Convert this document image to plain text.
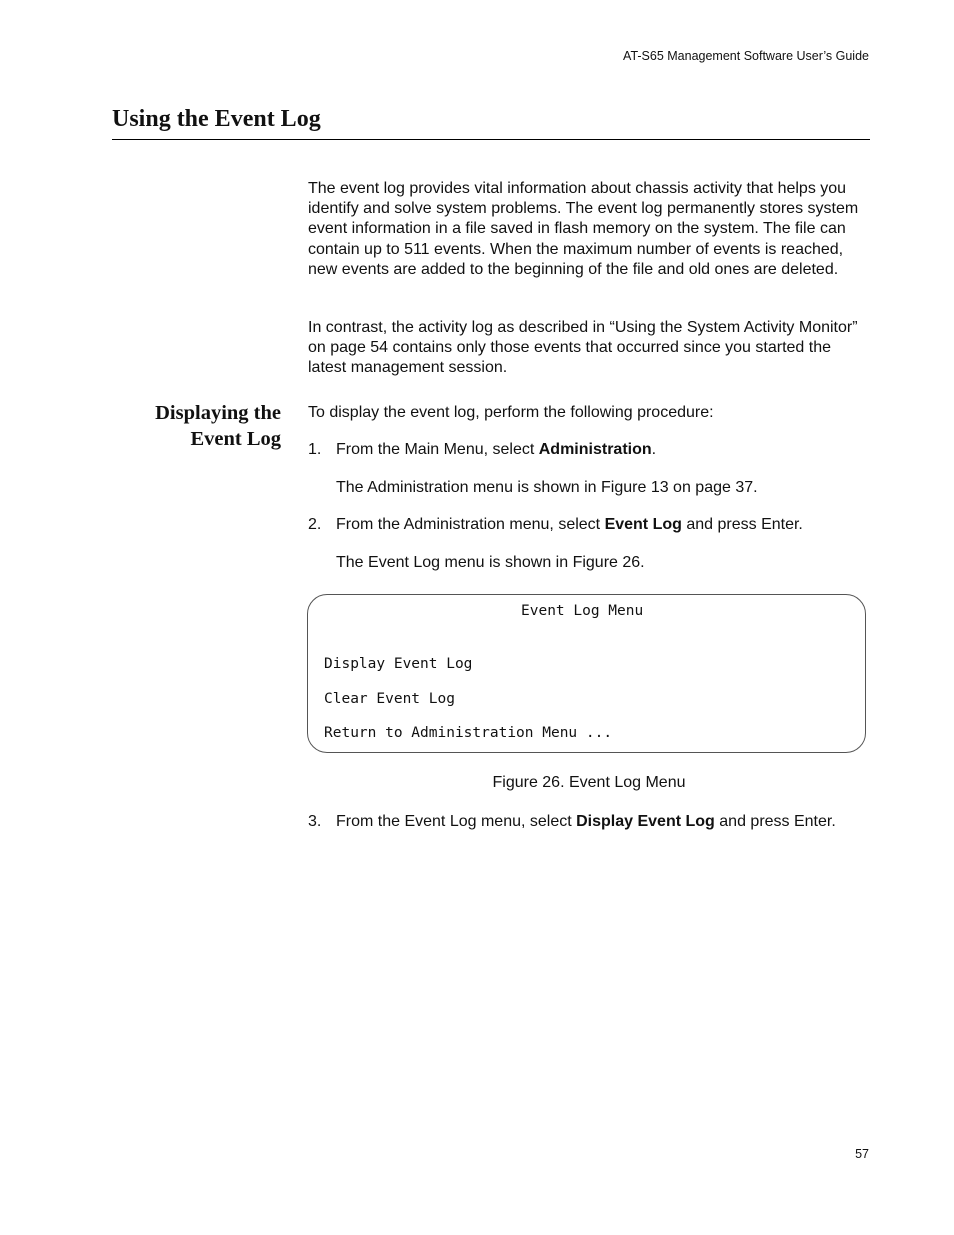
AT-S65 Management Software User’s Guide
Using the Event Log

The event log provides vital information about chassis activity that helps you identify and solve system problems. The event log permanently stores system event information in a file saved in flash memory on the system. The file can contain up to 511 events. When the maximum number of events is reached, new events are added to the beginning of the file and old ones are deleted.

In contrast, the activity log as described in “Using the System Activity Monitor” on page 54 contains only those events that occurred since you started the latest management session.

Displaying the
Event Log
To display the event log, perform the following procedure:
1. From the Main Menu, select Administration.
The Administration menu is shown in Figure 13 on page 37.
2. From the Administration menu, select Event Log and press Enter.
The Event Log menu is shown in Figure 26.
Event Log Menu
Display Event Log
Clear Event Log
Return to Administration Menu ...
Figure 26. Event Log Menu
3. From the Event Log menu, select Display Event Log and press Enter.
57
